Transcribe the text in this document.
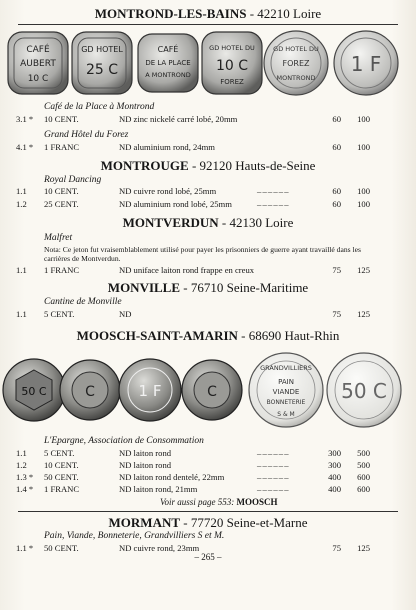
MONTROND-LES-BAINS - 42210 Loire
CAFÉ
AUBERT
10 C
GD HOTEL
25 C
CAFÉ
DE LA PLACE
A MONTROND
GD HOTEL DU
10 C
FOREZ
GD HOTEL DU
FOREZ
MONTROND
1 F
Café de la Place à Montrond
3.1 * 10 CENT.	ND zinc nickelé carré lobé, 20mm	60	100
Grand Hôtel du Forez
4.1 * 1 FRANC	ND aluminium rond, 24mm	60	100
MONTROUGE - 92120 Hauts-de-Seine
Royal Dancing
1.1 10 CENT.	ND cuivre rond lobé, 25mm	– – – – – –	60	100
1.2 25 CENT.	ND aluminium rond lobé, 25mm	– – – – – –	60	100
MONTVERDUN - 42130 Loire
Malfret
Nota: Ce jeton fut vraisemblablement utilisé pour payer les prisonniers de guerre ayant travaillé dans les carrières de Montverdun.
1.1 1 FRANC	ND uniface laiton rond frappe en creux	75	125
MONVILLE - 76710 Seine-Maritime
Cantine de Monville
1.1 5 CENT.	ND	75	125
MOOSCH-SAINT-AMARIN - 68690 Haut-Rhin
50 C	C	1 F	C
GRANDVILLIERS
PAIN
VIANDE
BONNETERIE
S & M
50 C
L'Epargne, Association de Consommation
1.1 5 CENT.	ND laiton rond	– – – – – –	300	500
1.2 10 CENT.	ND laiton rond	– – – – – –	300	500
1.3 * 50 CENT.	ND laiton rond dentelé, 22mm	– – – – – –	400	600
1.4 * 1 FRANC	ND laiton rond, 21mm	– – – – – –	400	600
Voir aussi page 553: MOOSCH
MORMANT - 77720 Seine-et-Marne
Pain, Viande, Bonneterie, Grandvilliers S et M.
1.1 * 50 CENT.	ND cuivre rond, 23mm	75	125
– 265 –
